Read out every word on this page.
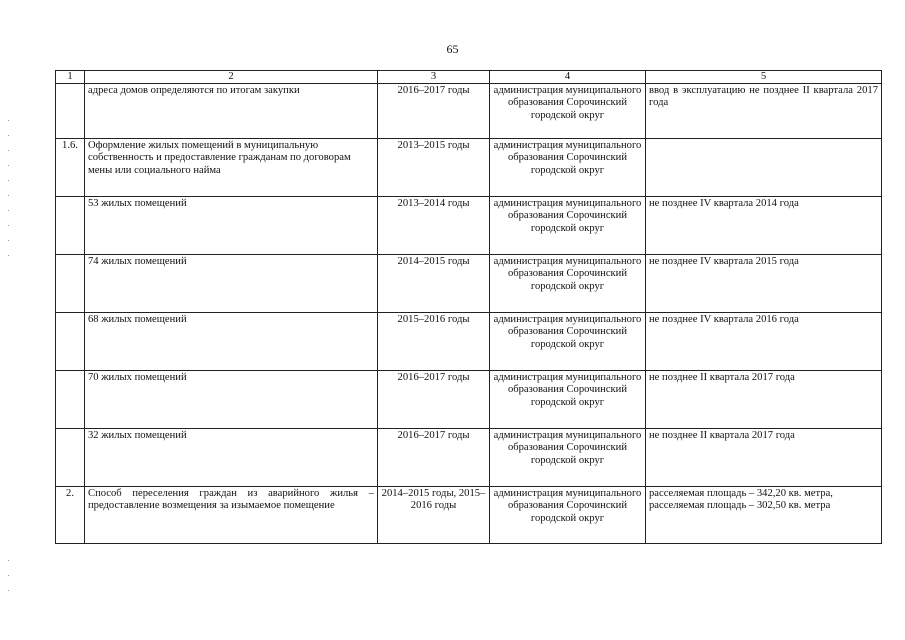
65
1	2	3	4	5
	адреса домов определяются по итогам закупки	2016–2017 годы	администрация муниципального образования Сорочинский городской округ	ввод в эксплуатацию не позднее II квартала 2017 года
1.6.	Оформление жилых помещений в муниципальную собственность и предоставление гражданам по договорам мены или социального найма	2013–2015 годы	администрация муниципального образования Сорочинский городской округ	
	53 жилых помещений	2013–2014 годы	администрация муниципального образования Сорочинский городской округ	не позднее IV квартала 2014 года
	74 жилых помещений	2014–2015 годы	администрация муниципального образования Сорочинский городской округ	не позднее IV квартала 2015 года
	68 жилых помещений	2015–2016 годы	администрация муниципального образования Сорочинский городской округ	не позднее IV квартала 2016 года
	70 жилых помещений	2016–2017 годы	администрация муниципального образования Сорочинский городской округ	не позднее II квартала 2017 года
	32 жилых помещений	2016–2017 годы	администрация муниципального образования Сорочинский городской округ	не позднее II квартала 2017 года
2.	Способ переселения граждан из аварийного жилья – предоставление возмещения за изымаемое помещение	2014–2015 годы, 2015–2016 годы	администрация муниципального образования Сорочинский городской округ	расселяемая площадь – 342,20 кв. метра, расселяемая площадь – 302,50 кв. метра
